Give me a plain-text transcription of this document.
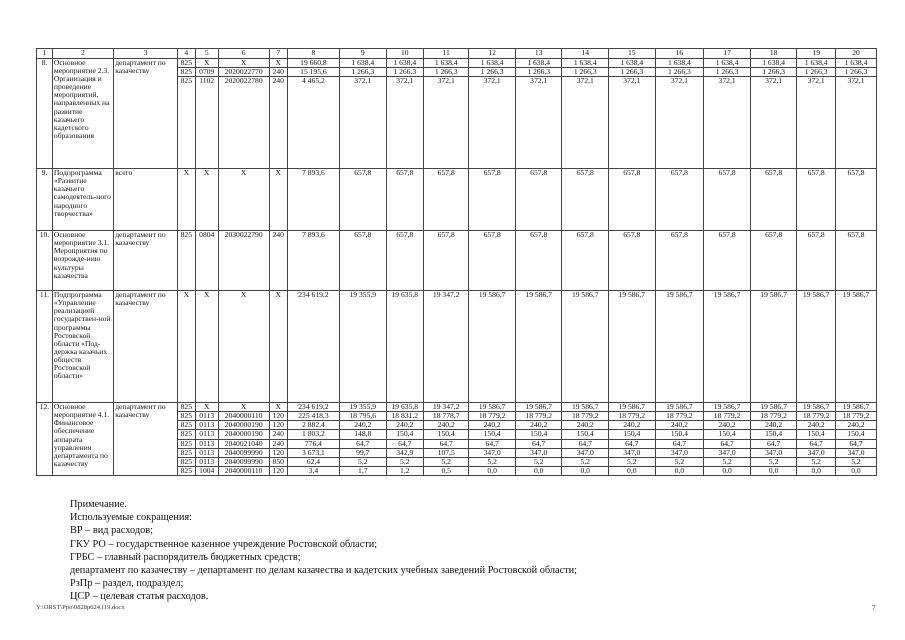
1	2	3	4	5	6	7	8	9	10	11	12	13	14	15	16	17	18	19	20
8.	Основное мероприятие 2.3. Организация и проведение мероприятий, направленных на развитие казачьего кадетского образования	департамент по казачеству	825	Х	Х	Х	19 660,8	1 638,4	1 638,4	1 638,4	1 638,4	1 638,4	1 638,4	1 638,4	1 638,4	1 638,4	1 638,4	1 638,4	1 638,4
			825	0709	2020022770	240	15 195,6	1 266,3	1 266,3	1 266,3	1 266,3	1 266,3	1 266,3	1 266,3	1 266,3	1 266,3	1 266,3	1 266,3	1 266,3
			825	1102	2020022780	240	4 465,2	372,1	372,1	372,1	372,1	372,1	372,1	372,1	372,1	372,1	372,1	372,1	372,1
9.	Подпрограмма «Развитие казачьего самодеятель-ного народного творчества»	всего	Х	Х	Х	Х	7 893,6	657,8	657,8	657,8	657,8	657,8	657,8	657,8	657,8	657,8	657,8	657,8	657,8
10.	Основное мероприятие 3.1. Мероприятия по возрожде-нию культуры казачества	департамент по казачеству	825	0804	2030022790	240	7 893,6	657,8	657,8	657,8	657,8	657,8	657,8	657,8	657,8	657,8	657,8	657,8	657,8
11.	Подпрограмма «Управление реализацией государствен-ной программы Ростовской области «Под-держка казачьих обществ Ростовской области»	департамент по казачеству	Х	Х	Х	Х	234 619,2	19 355,9	19 635,8	19 347,2	19 586,7	19 586,7	19 586,7	19 586,7	19 586,7	19 586,7	19 586,7	19 586,7	19 586,7
12.	Основное мероприятие 4.1. Финансовое обеспечение аппарата управления департамента по казачеству	департамент по казачеству	825	Х	Х	Х	234 619,2	19 355,9	19 635,8	19 347,2	19 586,7	19 586,7	19 586,7	19 586,7	19 586,7	19 586,7	19 586,7	19 586,7	19 586,7
			825	0113	2040000110	120	225 418,3	18 795,6	18 831,2	18 778,7	18 779,2	18 779,2	18 779,2	18 779,2	18 779,2	18 779,2	18 779,2	18 779,2	18 779,2
			825	0113	2040000190	120	2 882,4	240,2	240,2	240,2	240,2	240,2	240,2	240,2	240,2	240,2	240,2	240,2	240,2
			825	0113	2040000190	240	1 803,2	148,8	150,4	150,4	150,4	150,4	150,4	150,4	150,4	150,4	150,4	150,4	150,4
			825	0113	2040021040	240	776,4	64,7	64,7	64,7	64,7	64,7	64,7	64,7	64,7	64,7	64,7	64,7	64,7
			825	0113	2040099990	120	3 673,1	99,7	342,9	107,5	347,0	347,0	347,0	347,0	347,0	347,0	347,0	347,0	347,0
			825	0113	2040099990	850	62,4	5,2	5,2	5,2	5,2	5,2	5,2	5,2	5,2	5,2	5,2	5,2	5,2
			825	1004	2040000110	120	3,4	1,7	1,2	0,5	0,0	0,0	0,0	0,0	0,0	0,0	0,0	0,0	0,0
Примечание.
Используемые сокращения:
ВР – вид расходов;
ГКУ РО – государственное казенное учреждение Ростовской области;
ГРБС – главный распорядитель бюджетных средств;
департамент по казачеству – департамент по делам казачества и кадетских учебных заведений Ростовской области;
РзПр – раздел, подраздел;
ЦСР – целевая статья расходов.
Y:\ORST\Ppo\0828p624.f19.docx	7
